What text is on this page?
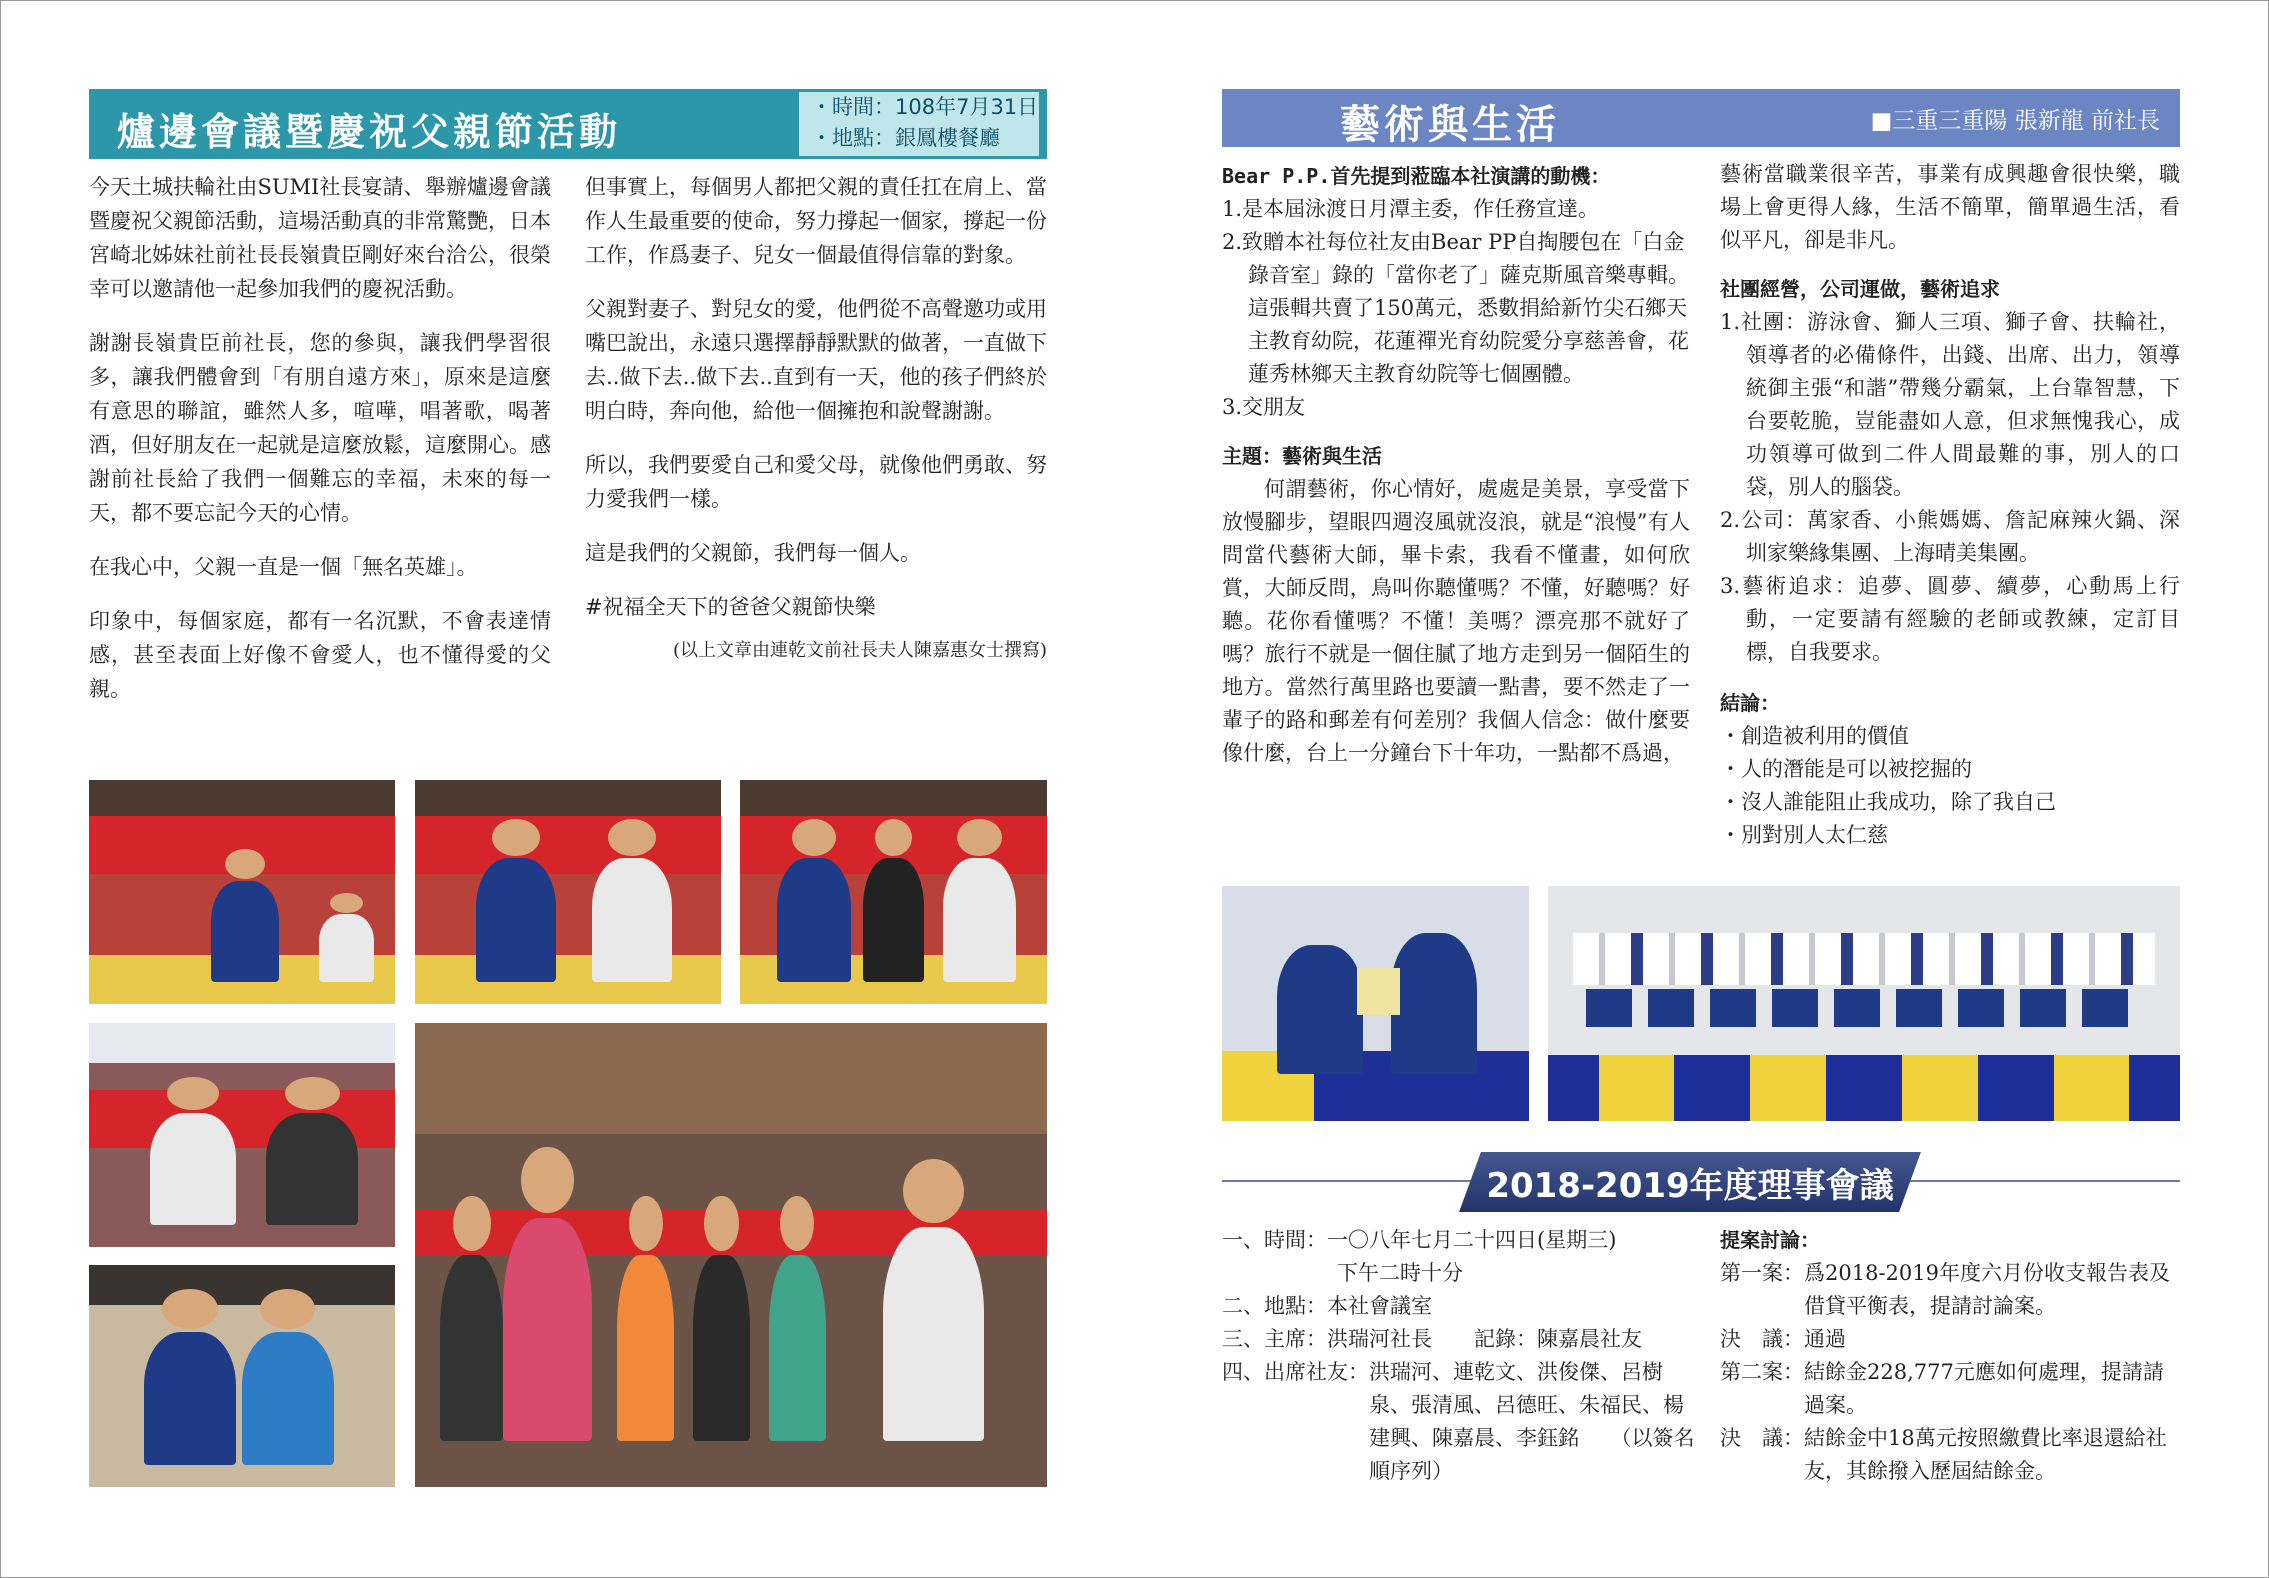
爐邊會議暨慶祝父親節活動
・時間：108年7月31日
・地點：銀鳳樓餐廳

今天土城扶輪社由SUMI社長宴請、舉辦爐邊會議暨慶祝父親節活動，這場活動真的非常驚艷，日本宮崎北姊妹社前社長長嶺貴臣剛好來台洽公，很榮幸可以邀請他一起參加我們的慶祝活動。

謝謝長嶺貴臣前社長，您的參與，讓我們學習很多，讓我們體會到「有朋自遠方來」，原來是這麼有意思的聯誼，雖然人多，喧嘩，唱著歌，喝著酒，但好朋友在一起就是這麼放鬆，這麼開心。感謝前社長給了我們一個難忘的幸福，未來的每一天，都不要忘記今天的心情。

在我心中，父親一直是一個「無名英雄」。

印象中，每個家庭，都有一名沉默，不會表達情感，甚至表面上好像不會愛人，也不懂得愛的父親。

但事實上，每個男人都把父親的責任扛在肩上、當作人生最重要的使命，努力撐起一個家，撐起一份工作，作爲妻子、兒女一個最值得信靠的對象。

父親對妻子、對兒女的愛，他們從不高聲邀功或用嘴巴說出，永遠只選擇靜靜默默的做著，一直做下去..做下去..做下去..直到有一天，他的孩子們終於明白時，奔向他，給他一個擁抱和說聲謝謝。

所以，我們要愛自己和愛父母，就像他們勇敢、努力愛我們一樣。

這是我們的父親節，我們每一個人。

#祝福全天下的爸爸父親節快樂

(以上文章由連乾文前社長夫人陳嘉惠女士撰寫)
藝術與生活	■三重三重陽 張新龍 前社長
Bear P.P.首先提到蒞臨本社演講的動機：
1.是本屆泳渡日月潭主委，作任務宣達。
2.致贈本社每位社友由Bear PP自掏腰包在「白金錄音室」錄的「當你老了」薩克斯風音樂專輯。這張輯共賣了150萬元，悉數捐給新竹尖石鄉天主教育幼院，花蓮禪光育幼院愛分享慈善會，花蓮秀林鄉天主教育幼院等七個團體。
3.交朋友
主題：藝術與生活

何謂藝術，你心情好，處處是美景，享受當下放慢腳步，望眼四週沒風就沒浪，就是“浪慢”有人問當代藝術大師，畢卡索，我看不懂畫，如何欣賞，大師反問，鳥叫你聽懂嗎？不懂，好聽嗎？好聽。花你看懂嗎？不懂！美嗎？漂亮那不就好了嗎？旅行不就是一個住膩了地方走到另一個陌生的地方。當然行萬里路也要讀一點書，要不然走了一輩子的路和郵差有何差別？我個人信念：做什麼要像什麼，台上一分鐘台下十年功，一點都不爲過，

藝術當職業很辛苦，事業有成興趣會很快樂，職場上會更得人緣，生活不簡單，簡單過生活，看似平凡，卻是非凡。

社團經營，公司運做，藝術追求
1.社團：游泳會、獅人三項、獅子會、扶輪社，領導者的必備條件，出錢、出席、出力，領導統御主張“和諧”帶幾分霸氣，上台靠智慧，下台要乾脆，豈能盡如人意，但求無愧我心，成功領導可做到二件人間最難的事，別人的口袋，別人的腦袋。
2.公司：萬家香、小熊媽媽、詹記麻辣火鍋、深圳家樂緣集團、上海晴美集團。
3.藝術追求：追夢、圓夢、續夢，心動馬上行動，一定要請有經驗的老師或教練，定訂目標，自我要求。
結論：
・創造被利用的價值
・人的潛能是可以被挖掘的
・沒人誰能阻止我成功，除了我自己
・別對別人太仁慈
2018-2019年度理事會議
一、時間： 一〇八年七月二十四日(星期三)
下午二時十分
二、地點： 本社會議室
三、主席： 洪瑞河社長　　記錄：陳嘉晨社友
四、出席社友： 洪瑞河、連乾文、洪俊傑、呂樹泉、張清風、呂德旺、朱福民、楊建興、陳嘉晨、李鈺銘　　（以簽名順序列）
提案討論：
第一案： 爲2018-2019年度六月份收支報告表及借貸平衡表，提請討論案。
決　議： 通過
第二案： 結餘金228,777元應如何處理，提請請過案。
決　議： 結餘金中18萬元按照繳費比率退還給社友，其餘撥入歷屆結餘金。
